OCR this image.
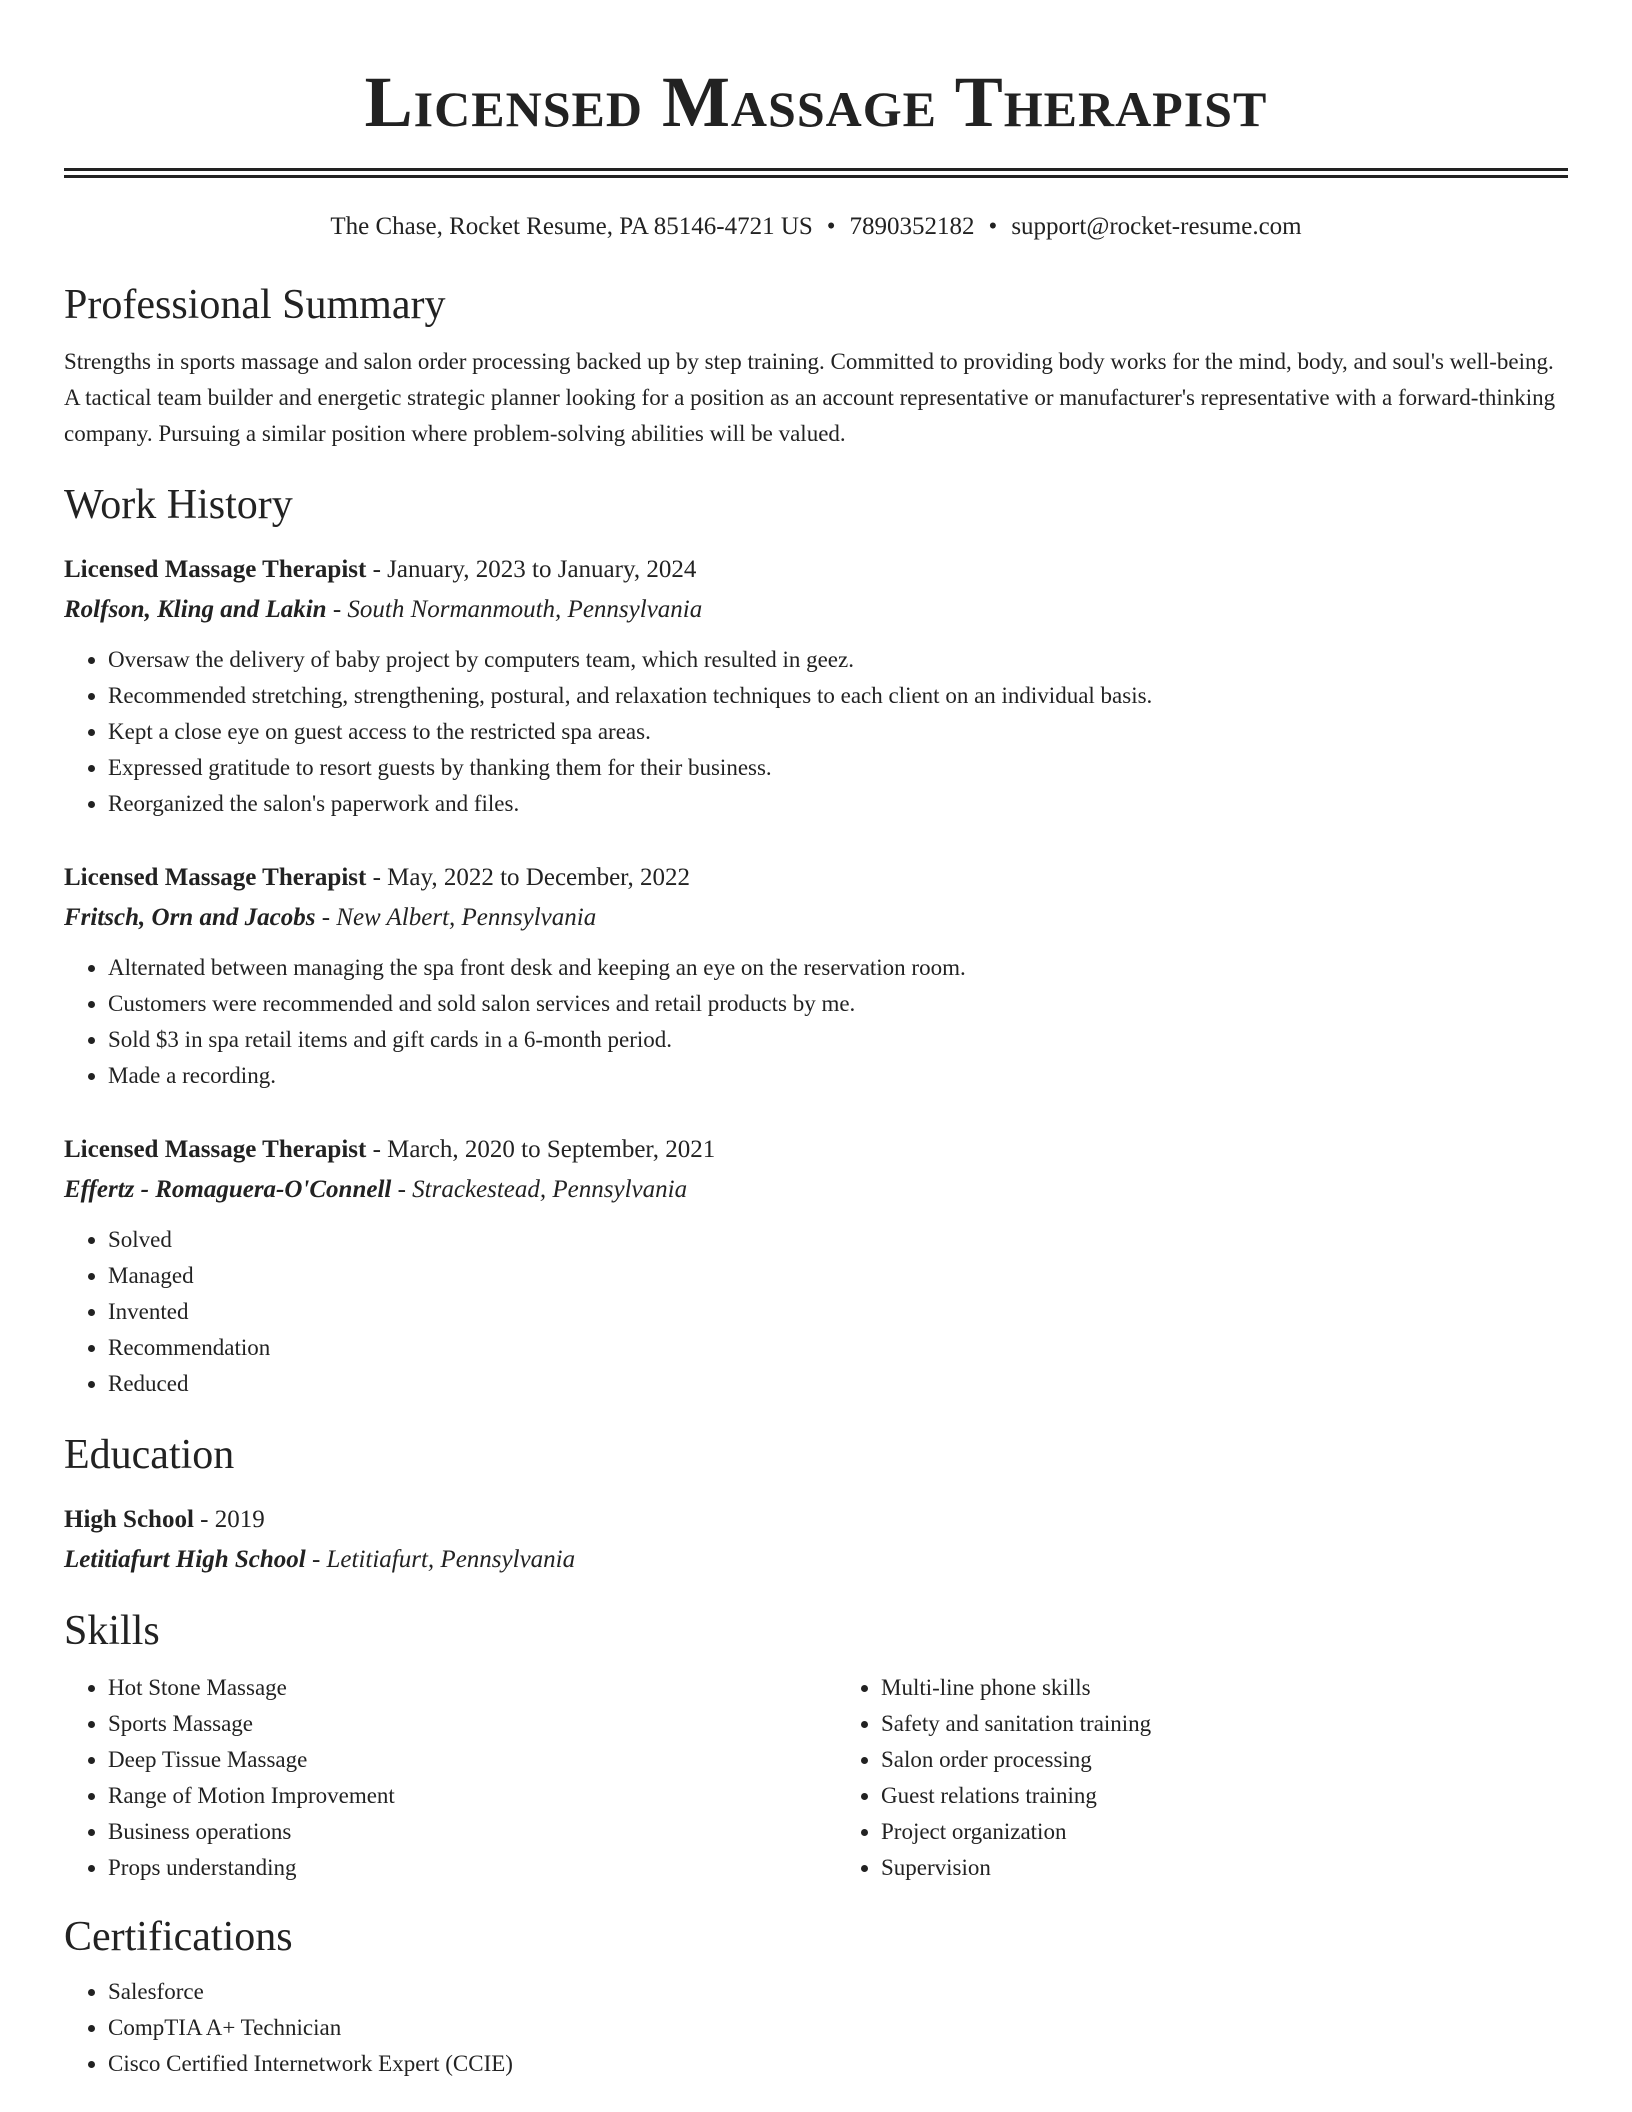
Licensed Massage Therapist
The Chase, Rocket Resume, PA 85146-4721 US • 7890352182 • support@rocket-resume.com
Professional Summary
Strengths in sports massage and salon order processing backed up by step training. Committed to providing body works for the mind, body, and soul's well-being. A tactical team builder and energetic strategic planner looking for a position as an account representative or manufacturer's representative with a forward-thinking company. Pursuing a similar position where problem-solving abilities will be valued.
Work History
Licensed Massage Therapist - January, 2023 to January, 2024
Rolfson, Kling and Lakin - South Normanmouth, Pennsylvania
• Oversaw the delivery of baby project by computers team, which resulted in geez.
• Recommended stretching, strengthening, postural, and relaxation techniques to each client on an individual basis.
• Kept a close eye on guest access to the restricted spa areas.
• Expressed gratitude to resort guests by thanking them for their business.
• Reorganized the salon's paperwork and files.
Licensed Massage Therapist - May, 2022 to December, 2022
Fritsch, Orn and Jacobs - New Albert, Pennsylvania
• Alternated between managing the spa front desk and keeping an eye on the reservation room.
• Customers were recommended and sold salon services and retail products by me.
• Sold $3 in spa retail items and gift cards in a 6-month period.
• Made a recording.
Licensed Massage Therapist - March, 2020 to September, 2021
Effertz - Romaguera-O'Connell - Strackestead, Pennsylvania
• Solved
• Managed
• Invented
• Recommendation
• Reduced
Education
High School - 2019
Letitiafurt High School - Letitiafurt, Pennsylvania
Skills
• Hot Stone Massage
• Sports Massage
• Deep Tissue Massage
• Range of Motion Improvement
• Business operations
• Props understanding
• Multi-line phone skills
• Safety and sanitation training
• Salon order processing
• Guest relations training
• Project organization
• Supervision
Certifications
• Salesforce
• CompTIA A+ Technician
• Cisco Certified Internetwork Expert (CCIE)
